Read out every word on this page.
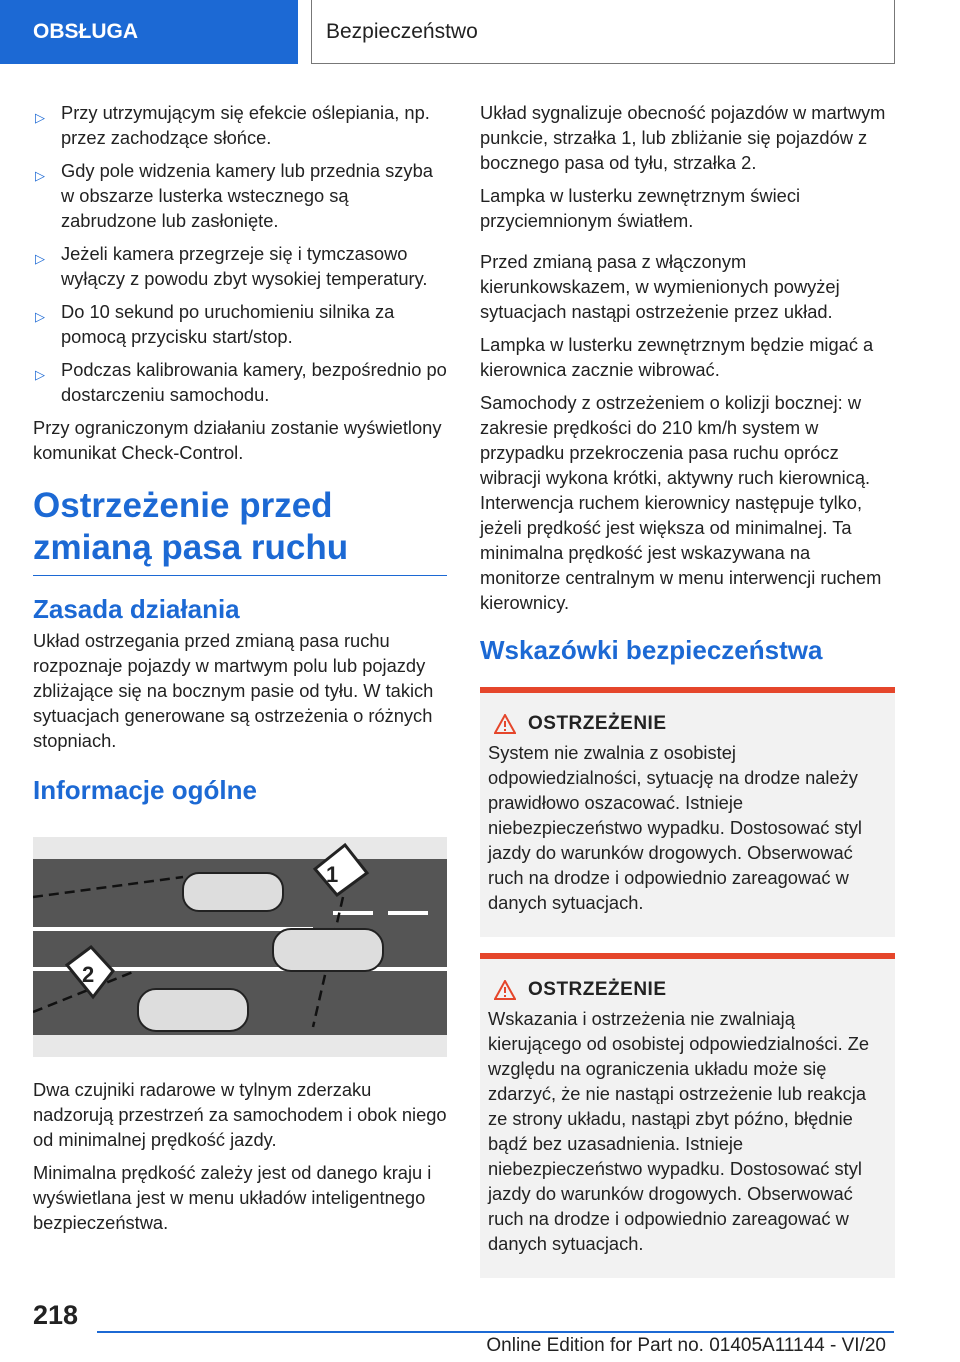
OBSŁUGA	Bezpieczeństwo
▷ Przy utrzymującym się efekcie oślepiania, np. przez zachodzące słońce.
▷ Gdy pole widzenia kamery lub przednia szyba w obszarze lusterka wstecznego są zabrudzone lub zasłonięte.
▷ Jeżeli kamera przegrzeje się i tymczasowo wyłączy z powodu zbyt wysokiej temperatury.
▷ Do 10 sekund po uruchomieniu silnika za pomocą przycisku start/stop.
▷ Podczas kalibrowania kamery, bezpośrednio po dostarczeniu samochodu.

Przy ograniczonym działaniu zostanie wyświetlony komunikat Check-Control.

Ostrzeżenie przed zmianą pasa ruchu
Zasada działania

Układ ostrzegania przed zmianą pasa ruchu rozpoznaje pojazdy w martwym polu lub pojazdy zbliżające się na bocznym pasie od tyłu. W takich sytuacjach generowane są ostrzeżenia o różnych stopniach.

Informacje ogólne
1
2

Dwa czujniki radarowe w tylnym zderzaku nadzorują przestrzeń za samochodem i obok niego od minimalnej prędkość jazdy.

Minimalna prędkość zależy jest od danego kraju i wyświetlana jest w menu układów inteligentnego bezpieczeństwa.

Układ sygnalizuje obecność pojazdów w martwym punkcie, strzałka 1, lub zbliżanie się pojazdów z bocznego pasa od tyłu, strzałka 2.

Lampka w lusterku zewnętrznym świeci przyciemnionym światłem.

Przed zmianą pasa z włączonym kierunkowskazem, w wymienionych powyżej sytuacjach nastąpi ostrzeżenie przez układ.

Lampka w lusterku zewnętrznym będzie migać a kierownica zacznie wibrować.

Samochody z ostrzeżeniem o kolizji bocznej: w zakresie prędkości do 210 km/h system w przypadku przekroczenia pasa ruchu oprócz wibracji wykona krótki, aktywny ruch kierownicą. Interwencja ruchem kierownicy następuje tylko, jeżeli prędkość jest większa od minimalnej. Ta minimalna prędkość jest wskazywana na monitorze centralnym w menu interwencji ruchem kierownicy.

Wskazówki bezpieczeństwa
OSTRZEŻENIE
System nie zwalnia z osobistej odpowiedzialności, sytuację na drodze należy prawidłowo oszacować. Istnieje niebezpieczeństwo wypadku. Dostosować styl jazdy do warunków drogowych. Obserwować ruch na drodze i odpowiednio zareagować w danych sytuacjach.
OSTRZEŻENIE
Wskazania i ostrzeżenia nie zwalniają kierującego od osobistej odpowiedzialności. Ze względu na ograniczenia układu może się zdarzyć, że nie nastąpi ostrzeżenie lub reakcja ze strony układu, nastąpi zbyt późno, błędnie bądź bez uzasadnienia. Istnieje niebezpieczeństwo wypadku. Dostosować styl jazdy do warunków drogowych. Obserwować ruch na drodze i odpowiednio zareagować w danych sytuacjach.
218
Online Edition for Part no. 01405A11144 - VI/20
